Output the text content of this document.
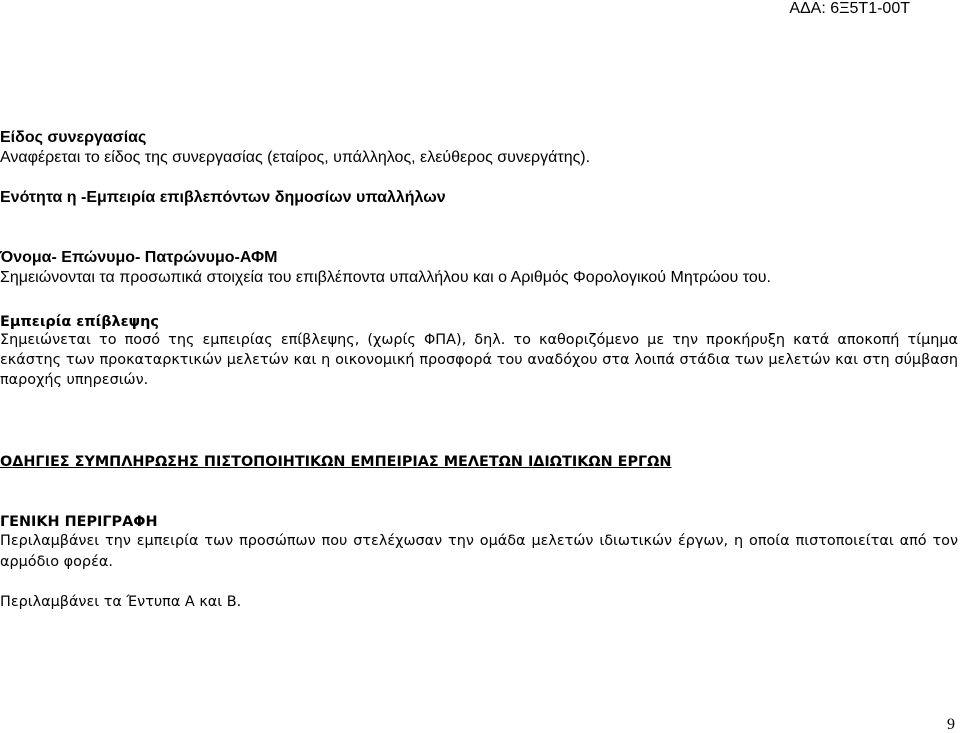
ΑΔΑ: 6Ξ5Τ1-00Τ
Είδος συνεργασίας
Αναφέρεται το είδος της συνεργασίας (εταίρος, υπάλληλος, ελεύθερος συνεργάτης).
Ενότητα η -Εμπειρία επιβλεπόντων δημοσίων υπαλλήλων
Όνομα- Επώνυμο- Πατρώνυμο-ΑΦΜ
Σημειώνονται τα προσωπικά στοιχεία του επιβλέποντα υπαλλήλου και ο Αριθμός Φορολογικού Μητρώου του.
Εμπειρία επίβλεψης
Σημειώνεται το ποσό της εμπειρίας επίβλεψης, (χωρίς ΦΠΑ), δηλ. το καθοριζόμενο με την προκήρυξη κατά αποκοπή τίμημα εκάστης των προκαταρκτικών μελετών και η οικονομική προσφορά του αναδόχου στα λοιπά στάδια των μελετών και στη σύμβαση παροχής υπηρεσιών.
ΟΔΗΓΙΕΣ ΣΥΜΠΛΗΡΩΣΗΣ ΠΙΣΤΟΠΟΙΗΤΙΚΩΝ ΕΜΠΕΙΡΙΑΣ ΜΕΛΕΤΩΝ ΙΔΙΩΤΙΚΩΝ ΕΡΓΩΝ
ΓΕΝΙΚΗ ΠΕΡΙΓΡΑΦΗ
Περιλαμβάνει την εμπειρία των προσώπων που στελέχωσαν την ομάδα μελετών ιδιωτικών έργων, η οποία πιστοποιείται από τον αρμόδιο φορέα.
Περιλαμβάνει τα Έντυπα Α και Β.
9
